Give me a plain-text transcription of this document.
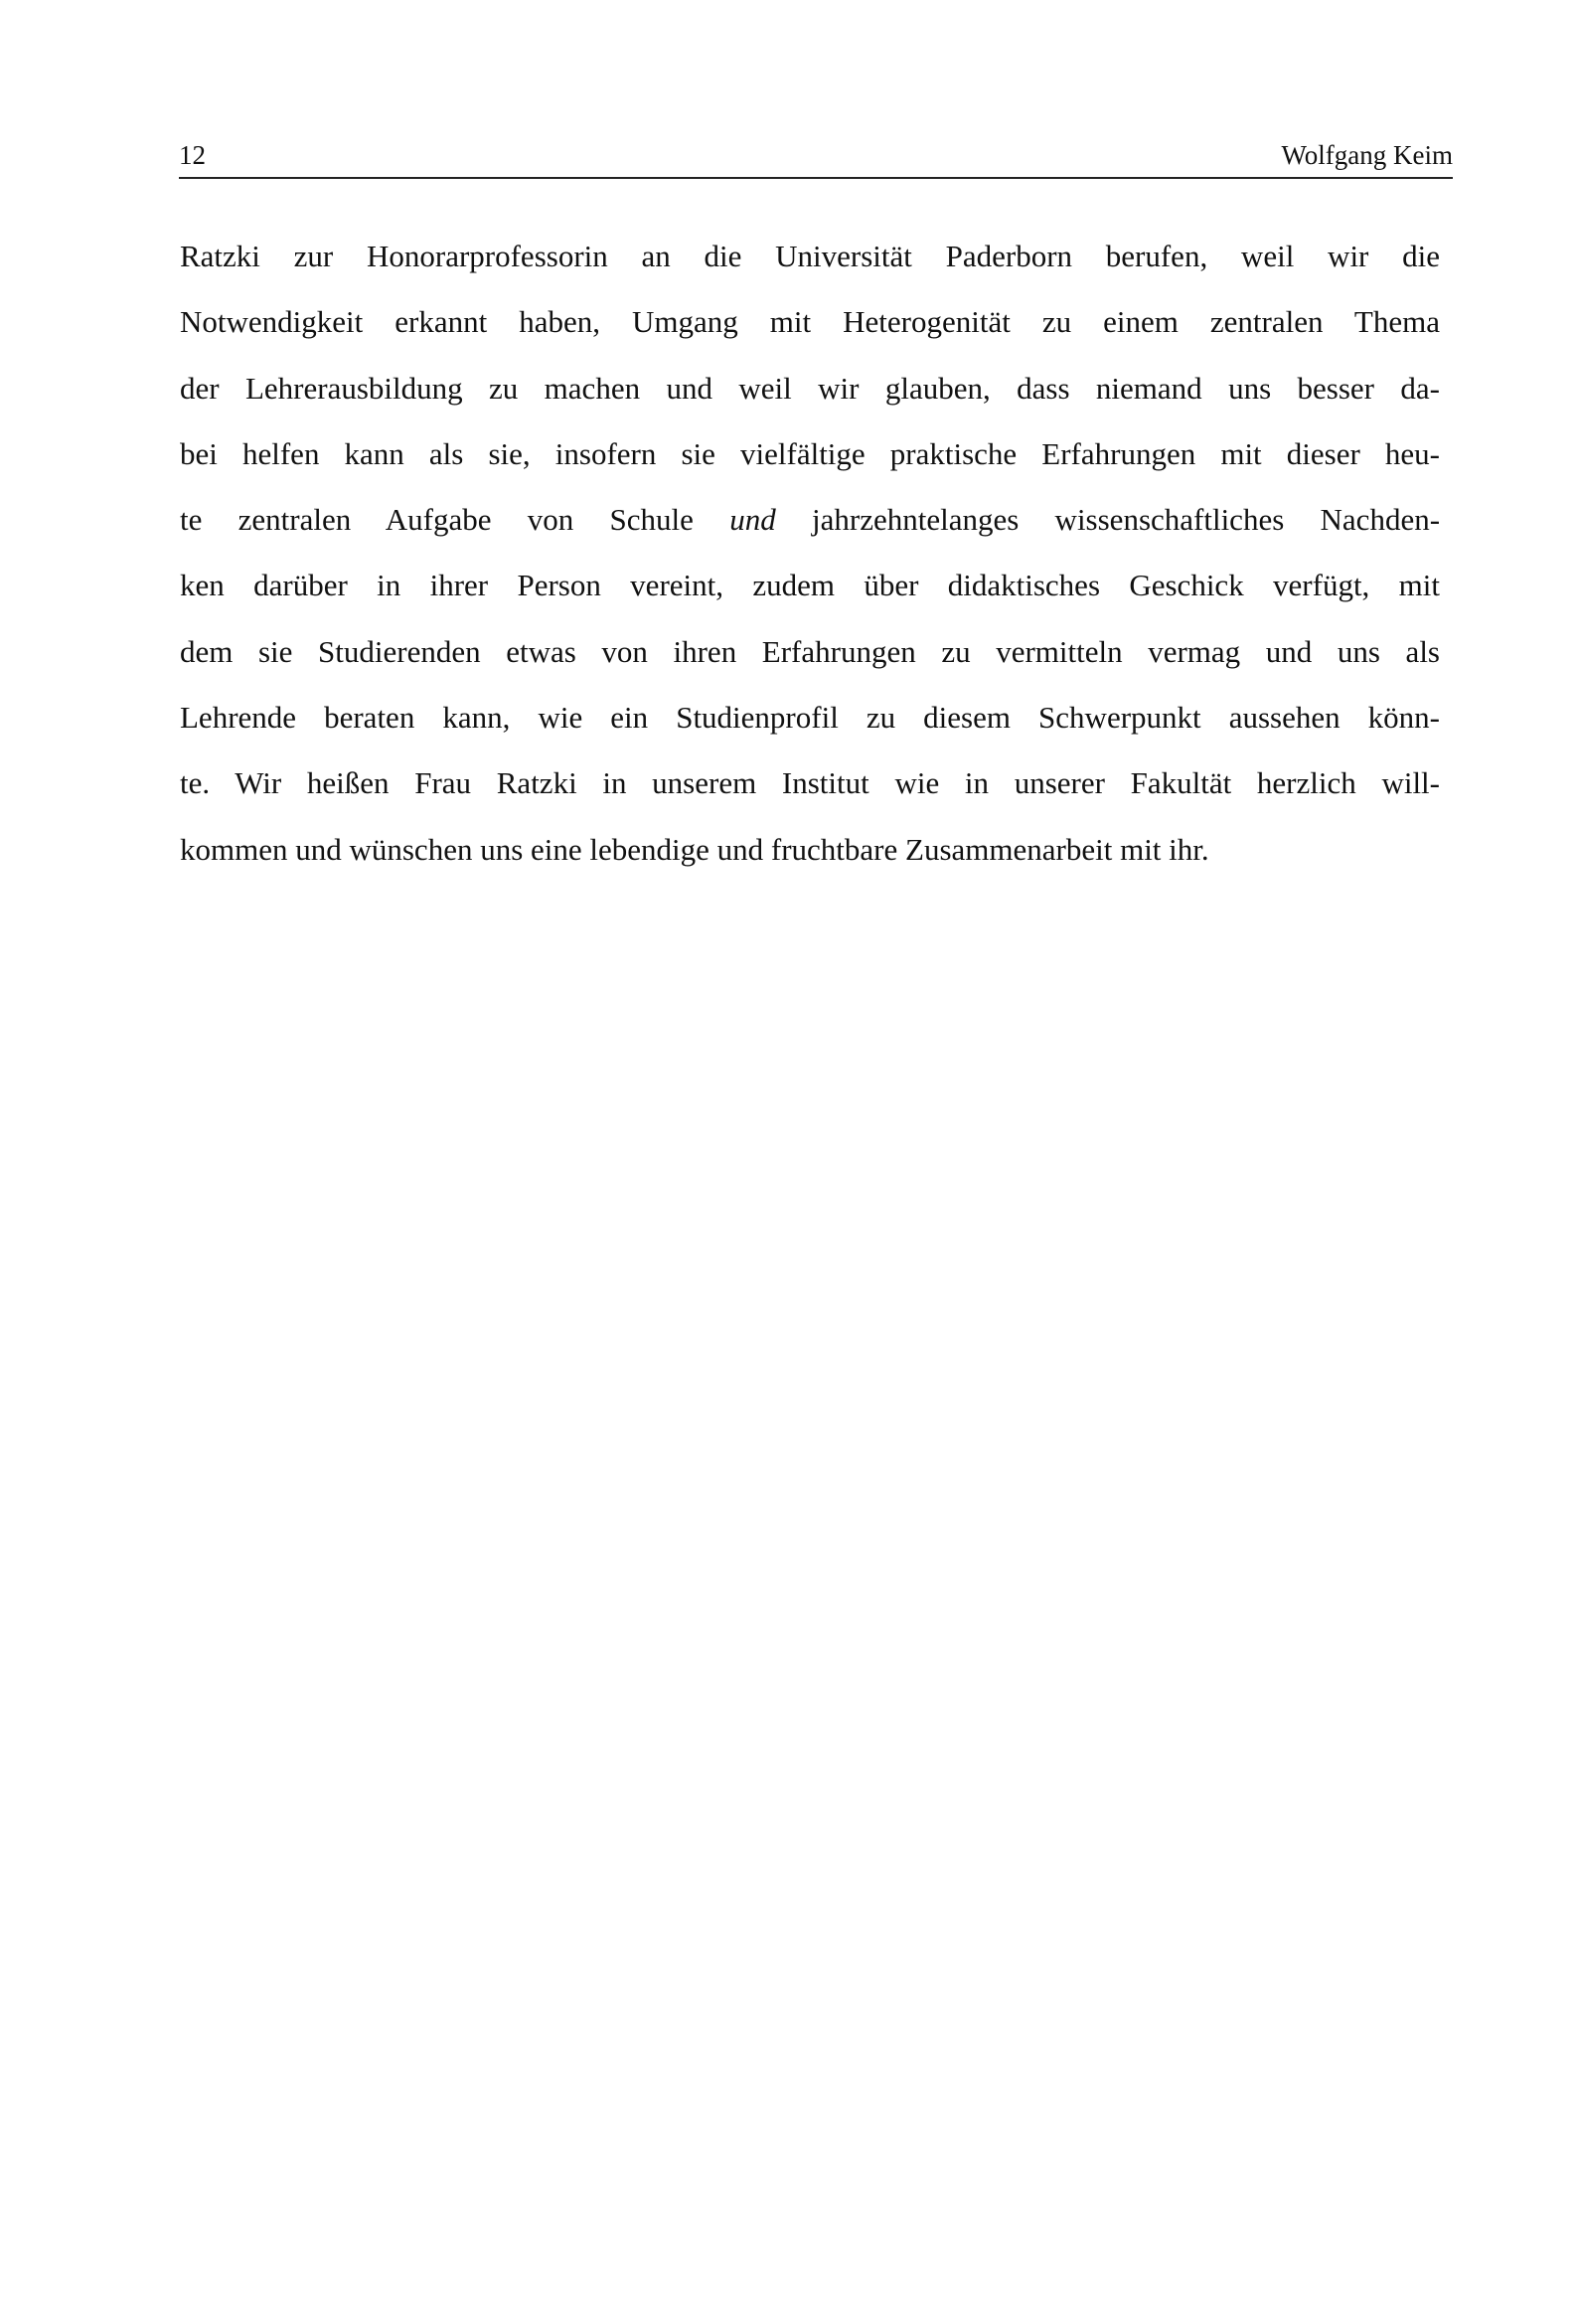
12	Wolfgang Keim
Ratzki zur Honorarprofessorin an die Universität Paderborn berufen, weil wir die
Notwendigkeit erkannt haben, Umgang mit Heterogenität zu einem zentralen Thema
der Lehrerausbildung zu machen und weil wir glauben, dass niemand uns besser da-
bei helfen kann als sie, insofern sie vielfältige praktische Erfahrungen mit dieser heu-
te zentralen Aufgabe von Schule und jahrzehntelanges wissenschaftliches Nachden-
ken darüber in ihrer Person vereint, zudem über didaktisches Geschick verfügt, mit
dem sie Studierenden etwas von ihren Erfahrungen zu vermitteln vermag und uns als
Lehrende beraten kann, wie ein Studienprofil zu diesem Schwerpunkt aussehen könn-
te. Wir heißen Frau Ratzki in unserem Institut wie in unserer Fakultät herzlich will-
kommen und wünschen uns eine lebendige und fruchtbare Zusammenarbeit mit ihr.
